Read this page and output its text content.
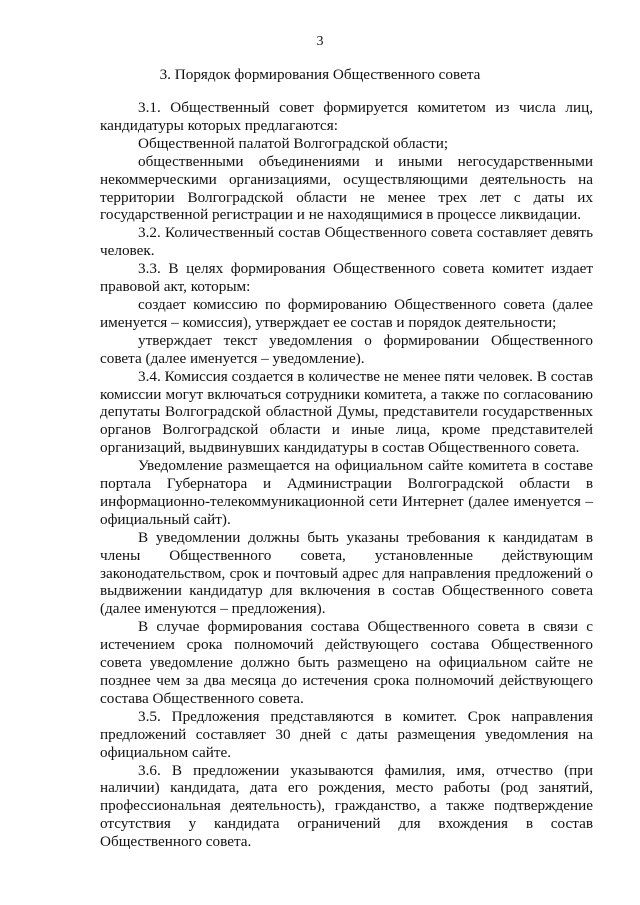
3
3. Порядок формирования Общественного совета

3.1. Общественный совет формируется комитетом из числа лиц, кандидатуры которых предлагаются:

Общественной палатой Волгоградской области;

общественными объединениями и иными негосударственными некоммерческими организациями, осуществляющими деятельность на территории Волгоградской области не менее трех лет с даты их государственной регистрации и не находящимися в процессе ликвидации.

3.2. Количественный состав Общественного совета составляет девять человек.

3.3. В целях формирования Общественного совета комитет издает правовой акт, которым:

создает комиссию по формированию Общественного совета (далее именуется – комиссия), утверждает ее состав и порядок деятельности;

утверждает текст уведомления о формировании Общественного совета (далее именуется – уведомление).

3.4. Комиссия создается в количестве не менее пяти человек. В состав комиссии могут включаться сотрудники комитета, а также по согласованию депутаты Волгоградской областной Думы, представители государственных органов Волгоградской области и иные лица, кроме представителей организаций, выдвинувших кандидатуры в состав Общественного совета.

Уведомление размещается на официальном сайте комитета в составе портала Губернатора и Администрации Волгоградской области в информационно-телекоммуникационной сети Интернет (далее именуется – официальный сайт).

В уведомлении должны быть указаны требования к кандидатам в члены Общественного совета, установленные действующим законодательством, срок и почтовый адрес для направления предложений о выдвижении кандидатур для включения в состав Общественного совета (далее именуются – предложения).

В случае формирования состава Общественного совета в связи с истечением срока полномочий действующего состава Общественного совета уведомление должно быть размещено на официальном сайте не позднее чем за два месяца до истечения срока полномочий действующего состава Общественного совета.

3.5. Предложения представляются в комитет. Срок направления предложений составляет 30 дней с даты размещения уведомления на официальном сайте.

3.6. В предложении указываются фамилия, имя, отчество (при наличии) кандидата, дата его рождения, место работы (род занятий, профессиональная деятельность), гражданство, а также подтверждение отсутствия у кандидата ограничений для вхождения в состав Общественного совета.
